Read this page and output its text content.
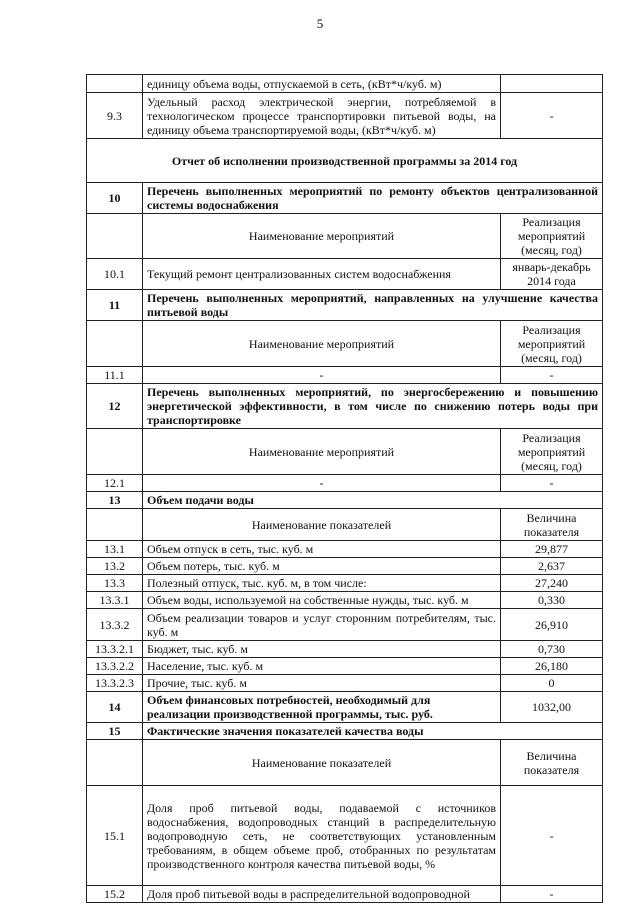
5
	единицу объема воды, отпускаемой в сеть, (кВт*ч/куб. м)	
9.3	Удельный расход электрической энергии, потребляемой в технологическом процессе транспортировки питьевой воды, на единицу объема транспортируемой воды, (кВт*ч/куб. м)	-
Отчет об исполнении производственной программы за 2014 год		
10	Перечень выполненных мероприятий по ремонту объектов централизованной системы водоснабжения	
	Наименование мероприятий	Реализация мероприятий (месяц, год)
10.1	Текущий ремонт централизованных систем водоснабжения	январь-декабрь 2014 года
11	Перечень выполненных мероприятий, направленных на улучшение качества питьевой воды	
	Наименование мероприятий	Реализация мероприятий (месяц, год)
11.1	-	-
12	Перечень выполненных мероприятий, по энергосбережению и повышению энергетической эффективности, в том числе по снижению потерь воды при транспортировке	
	Наименование мероприятий	Реализация мероприятий (месяц, год)
12.1	-	-
13	Объем подачи воды	
	Наименование показателей	Величина показателя
13.1	Объем отпуск в сеть, тыс. куб. м	29,877
13.2	Объем потерь, тыс. куб. м	2,637
13.3	Полезный отпуск, тыс. куб. м, в том числе:	27,240
13.3.1	Объем воды, используемой на собственные нужды, тыс. куб. м	0,330
13.3.2	Объем реализации товаров и услуг сторонним потребителям, тыс. куб. м	26,910
13.3.2.1	Бюджет, тыс. куб. м	0,730
13.3.2.2	Население, тыс. куб. м	26,180
13.3.2.3	Прочие, тыс. куб. м	0
14	Объем финансовых потребностей, необходимый для реализации производственной программы, тыс. руб.	1032,00
15	Фактические значения показателей качества воды	
	Наименование показателей	Величина показателя
15.1	Доля проб питьевой воды, подаваемой с источников водоснабжения, водопроводных станций в распределительную водопроводную сеть, не соответствующих установленным требованиям, в общем объеме проб, отобранных по результатам производственного контроля качества питьевой воды, %	-
15.2	Доля проб питьевой воды в распределительной водопроводной	-
